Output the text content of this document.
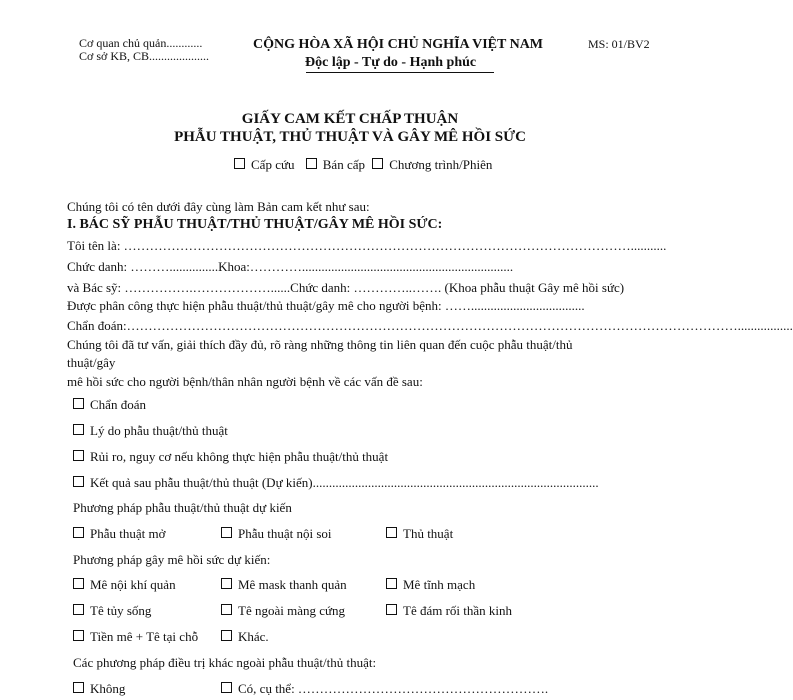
Cơ quan chủ quản............
Cơ sở KB, CB....................
CỘNG HÒA XÃ HỘI CHỦ NGHĨA VIỆT NAM
Độc lập - Tự do - Hạnh phúc
MS: 01/BV2
GIẤY CAM KẾT CHẤP THUẬN
PHẪU THUẬT, THỦ THUẬT VÀ GÂY MÊ HỒI SỨC
Cấp cứu
Bán cấp
Chương trình/Phiên
Chúng tôi có tên dưới đây cùng làm Bản cam kết như sau:
I. BÁC SỸ PHẪU THUẬT/THỦ THUẬT/GÂY MÊ HỒI SỨC:
Tôi tên là: ………………………………………………………………………………………………………...........
Chức danh: ………...............Khoa:………….................................................................
và Bác sỹ: …………….………………......Chức danh: …………..……. (Khoa phẫu thuật Gây mê hồi sức)
Được phân công thực hiện phẫu thuật/thủ thuật/gây mê cho người bệnh: ……...................................
Chẩn đoán:…………………………………………………………………………………………………………………………….................
Chúng tôi đã tư vấn, giải thích đầy đủ, rõ ràng những thông tin liên quan đến cuộc phẫu thuật/thủ
thuật/gây
mê hồi sức cho người bệnh/thân nhân người bệnh về các vấn đề sau:
Chẩn đoán
Lý do phẫu thuật/thủ thuật
Rủi ro, nguy cơ nếu không thực hiện phẫu thuật/thủ thuật
Kết quả sau phẫu thuật/thủ thuật (Dự kiến)........................................................................................
Phương pháp phẫu thuật/thủ thuật dự kiến
Phẫu thuật mở	Phẫu thuật nội soi	Thủ thuật
Phương pháp gây mê hồi sức dự kiến:
Mê nội khí quản	Mê mask thanh quản	Mê tĩnh mạch
Tê tủy sống	Tê ngoài màng cứng	Tê đám rối thần kinh
Tiền mê + Tê tại chỗ	Khác.
Các phương pháp điều trị khác ngoài phẫu thuật/thủ thuật:
Không	Có, cụ thể: ………………………………………………….
